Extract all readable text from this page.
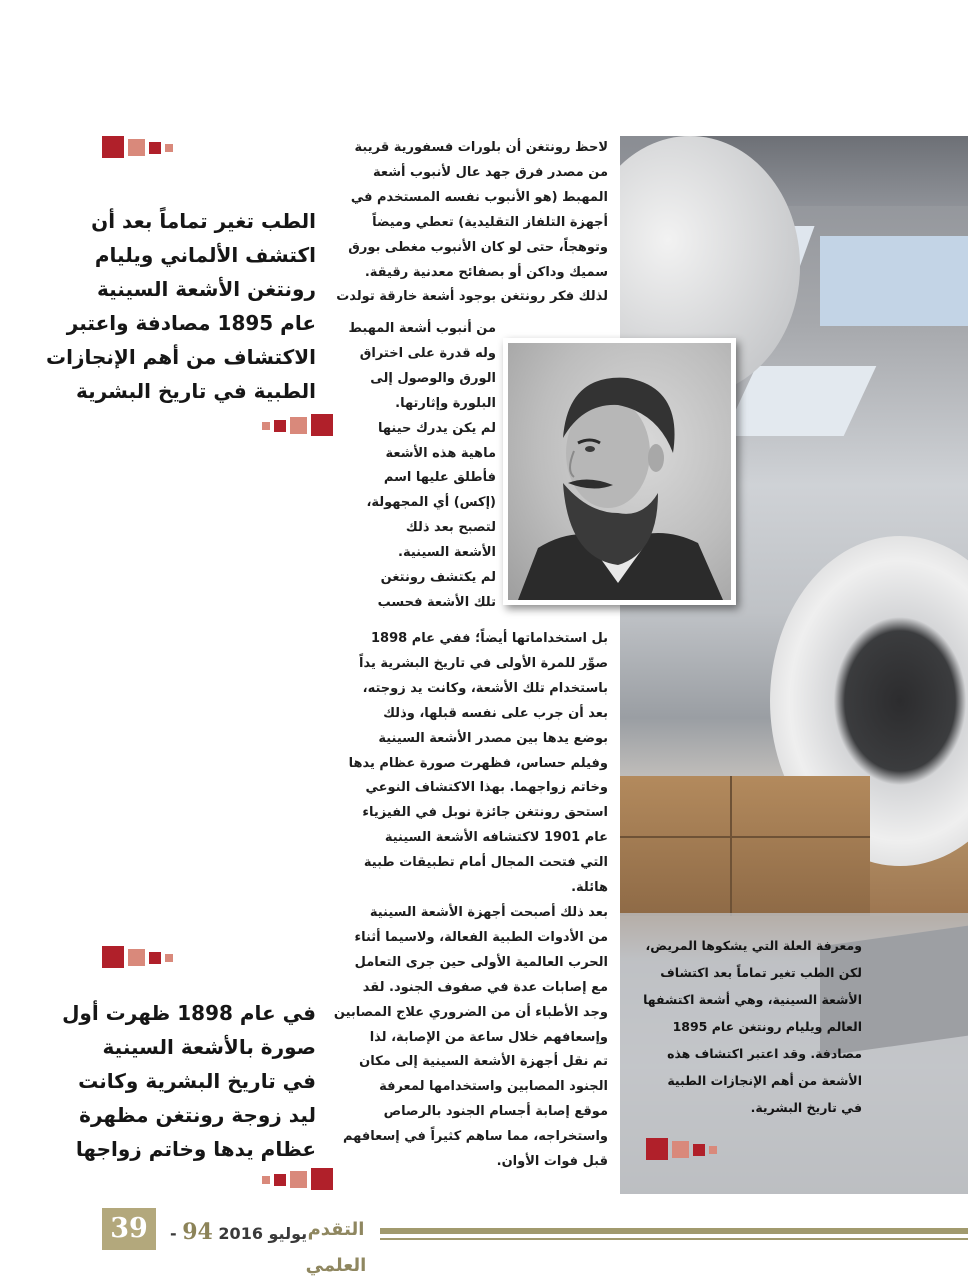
الطب تغير تماماً بعد أن

اكتشف الألماني ويليام

رونتغن الأشعة السينية

عام 1895 مصادفة واعتبر

الاكتشاف من أهم الإنجازات

الطبية في تاريخ البشرية

في عام 1898 ظهرت أول

صورة بالأشعة السينية

في تاريخ البشرية وكانت

ليد زوجة رونتغن مظهرة

عظام يدها وخاتم زواجها

ومعرفة العلة التي يشكوها المريض،

لكن الطب تغير تماماً بعد اكتشاف

الأشعة السينية، وهي أشعة اكتشفها

العالم ويليام رونتغن عام 1895

مصادفة. وقد اعتبر اكتشاف هذه

الأشعة من أهم الإنجازات الطبية

في تاريخ البشرية.

لاحظ رونتغن أن بلورات فسفورية قريبة

من مصدر فرق جهد عال لأنبوب أشعة

المهبط (هو الأنبوب نفسه المستخدم في

أجهزة التلفاز التقليدية) تعطي وميضاً

وتوهجاً، حتى لو كان الأنبوب مغطى بورق

سميك وداكن أو بصفائح معدنية رقيقة.

لذلك فكر رونتغن بوجود أشعة خارقة تولدت

من أنبوب أشعة المهبط

وله قدرة على اختراق

الورق والوصول إلى

البلورة وإثارتها.

لم يكن يدرك حينها

ماهية هذه الأشعة

فأطلق عليها اسم

(إكس) أي المجهولة،

لتصبح بعد ذلك

الأشعة السينية.

لم يكتشف رونتغن

تلك الأشعة فحسب

بل استخداماتها أيضاً؛ ففي عام 1898

صوِّر للمرة الأولى في تاريخ البشرية يداً

باستخدام تلك الأشعة، وكانت يد زوجته،

بعد أن جرب على نفسه قبلها، وذلك

بوضع يدها بين مصدر الأشعة السينية

وفيلم حساس، فظهرت صورة عظام يدها

وخاتم زواجهما. بهذا الاكتشاف النوعي

استحق رونتغن جائزة نوبل في الفيزياء

عام 1901 لاكتشافه الأشعة السينية

التي فتحت المجال أمام تطبيقات طبية

هائلة.

بعد ذلك أصبحت أجهزة الأشعة السينية

من الأدوات الطبية الفعالة، ولاسيما أثناء

الحرب العالمية الأولى حين جرى التعامل

مع إصابات عدة في صفوف الجنود. لقد

وجد الأطباء أن من الضروري علاج المصابين

وإسعافهم خلال ساعة من الإصابة، لذا

تم نقل أجهزة الأشعة السينية إلى مكان

الجنود المصابين واستخدامها لمعرفة

موقع إصابة أجسام الجنود بالرصاص

واستخراجه، مما ساهم كثيراً في إسعافهم

قبل فوات الأوان.

39	- يوليو 2016 94	التقدم العلمي
